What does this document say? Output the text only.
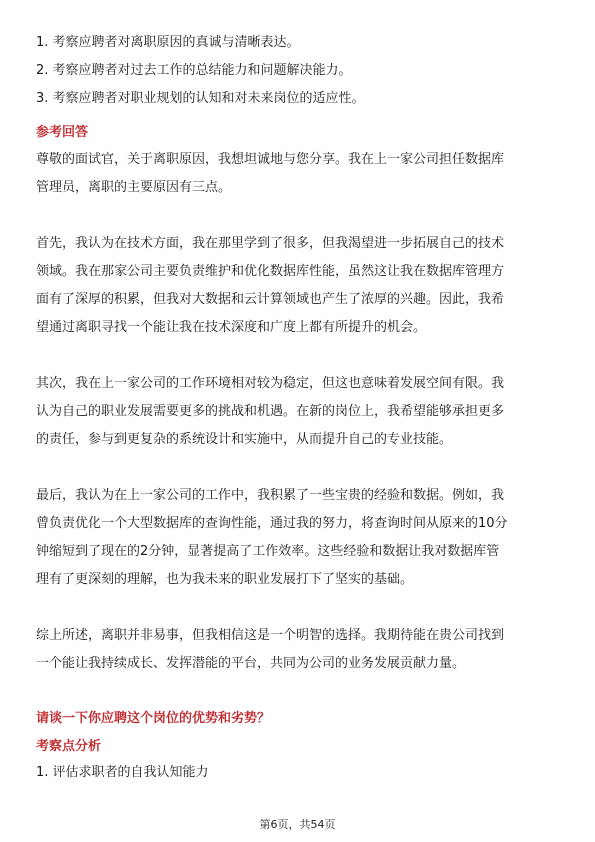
1. 考察应聘者对离职原因的真诚与清晰表达。
2. 考察应聘者对过去工作的总结能力和问题解决能力。
3. 考察应聘者对职业规划的认知和对未来岗位的适应性。
参考回答
尊敬的面试官，关于离职原因，我想坦诚地与您分享。我在上一家公司担任数据库
管理员，离职的主要原因有三点。
首先，我认为在技术方面，我在那里学到了很多，但我渴望进一步拓展自己的技术
领域。我在那家公司主要负责维护和优化数据库性能，虽然这让我在数据库管理方
面有了深厚的积累，但我对大数据和云计算领域也产生了浓厚的兴趣。因此，我希
望通过离职寻找一个能让我在技术深度和广度上都有所提升的机会。
其次，我在上一家公司的工作环境相对较为稳定，但这也意味着发展空间有限。我
认为自己的职业发展需要更多的挑战和机遇。在新的岗位上，我希望能够承担更多
的责任，参与到更复杂的系统设计和实施中，从而提升自己的专业技能。
最后，我认为在上一家公司的工作中，我积累了一些宝贵的经验和数据。例如，我
曾负责优化一个大型数据库的查询性能，通过我的努力，将查询时间从原来的10分
钟缩短到了现在的2分钟，显著提高了工作效率。这些经验和数据让我对数据库管
理有了更深刻的理解，也为我未来的职业发展打下了坚实的基础。
综上所述，离职并非易事，但我相信这是一个明智的选择。我期待能在贵公司找到
一个能让我持续成长、发挥潜能的平台，共同为公司的业务发展贡献力量。
请谈一下你应聘这个岗位的优势和劣势？
考察点分析
1. 评估求职者的自我认知能力
第6页，共54页
